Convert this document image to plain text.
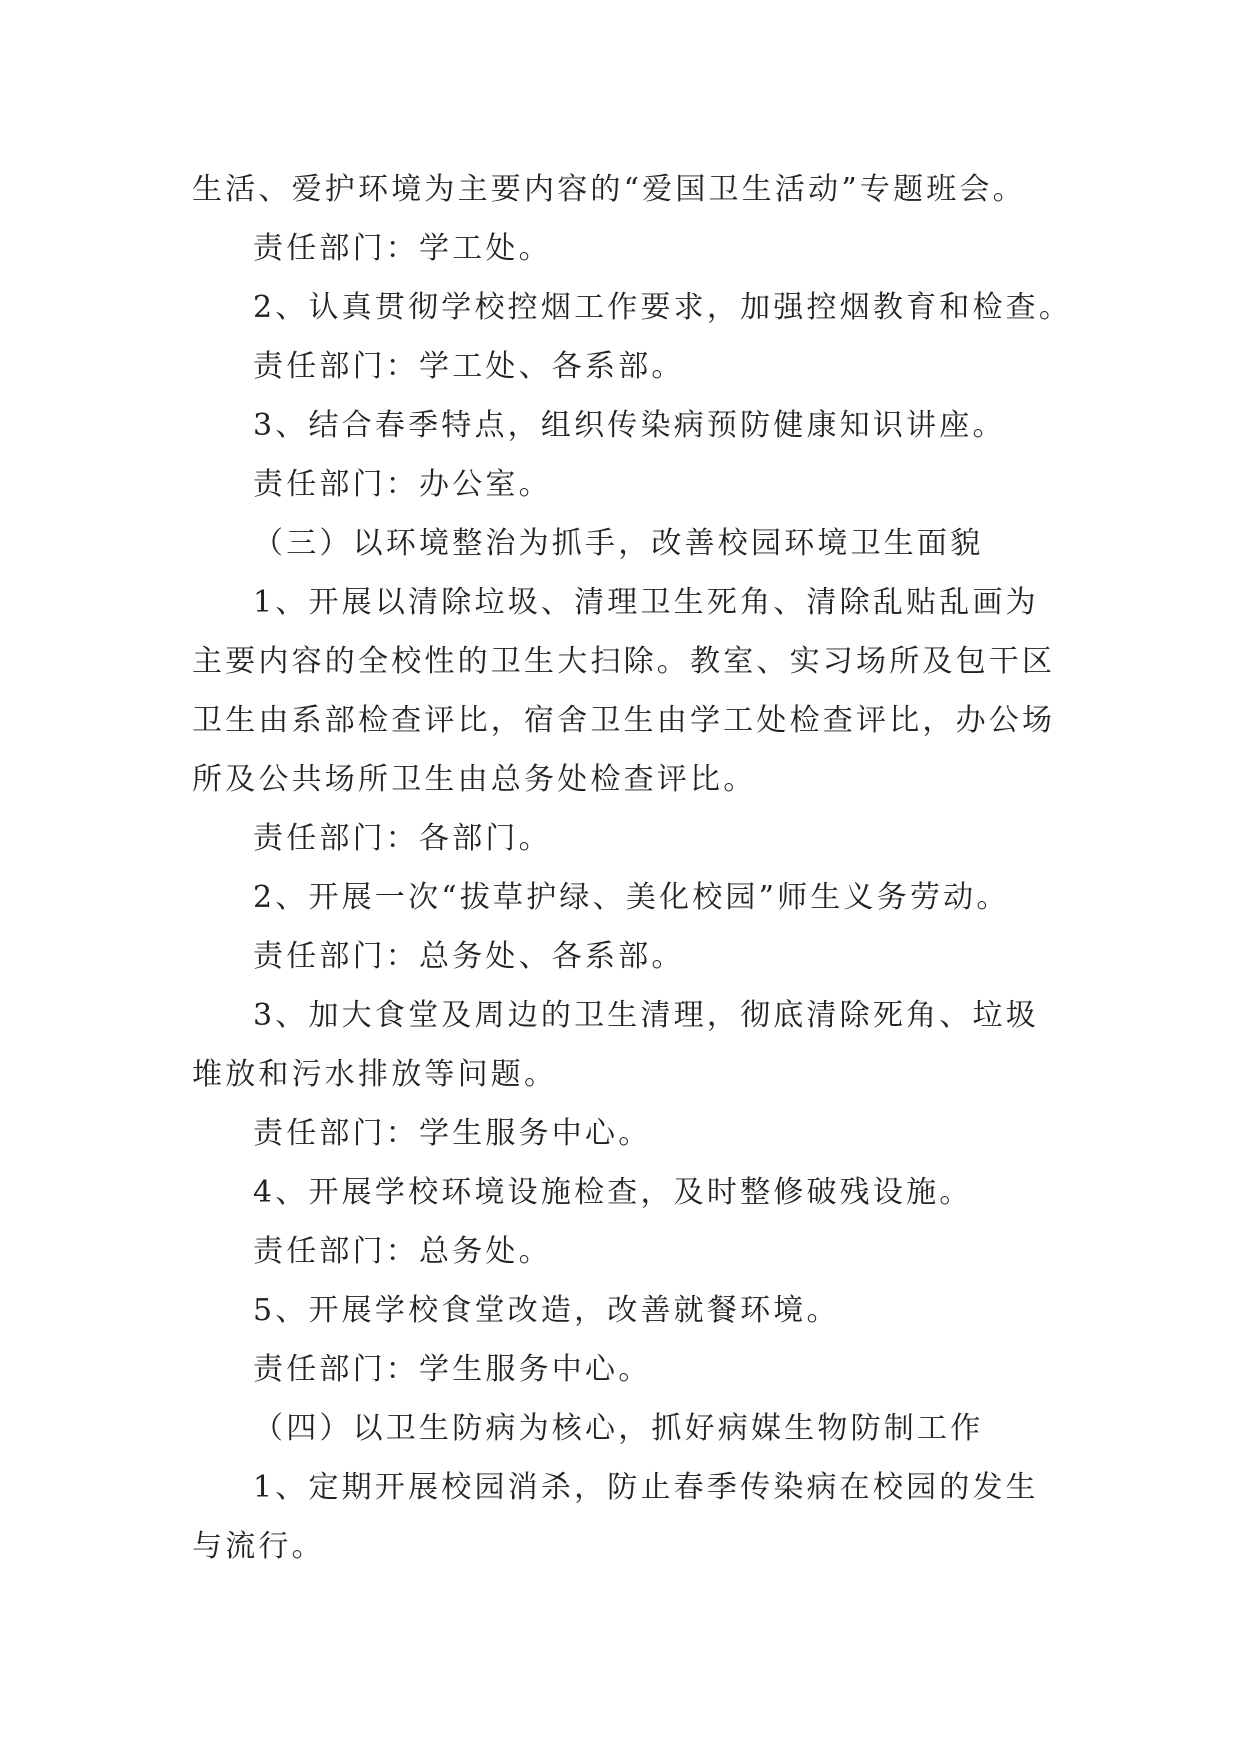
生活、爱护环境为主要内容的“爱国卫生活动”专题班会。
责任部门：学工处。
2、认真贯彻学校控烟工作要求，加强控烟教育和检查。
责任部门：学工处、各系部。
3、结合春季特点，组织传染病预防健康知识讲座。
责任部门：办公室。
（三）以环境整治为抓手，改善校园环境卫生面貌
1、开展以清除垃圾、清理卫生死角、清除乱贴乱画为
主要内容的全校性的卫生大扫除。教室、实习场所及包干区
卫生由系部检查评比，宿舍卫生由学工处检查评比，办公场
所及公共场所卫生由总务处检查评比。
责任部门：各部门。
2、开展一次“拔草护绿、美化校园”师生义务劳动。
责任部门：总务处、各系部。
3、加大食堂及周边的卫生清理，彻底清除死角、垃圾
堆放和污水排放等问题。
责任部门：学生服务中心。
4、开展学校环境设施检查，及时整修破残设施。
责任部门：总务处。
5、开展学校食堂改造，改善就餐环境。
责任部门：学生服务中心。
（四）以卫生防病为核心，抓好病媒生物防制工作
1、定期开展校园消杀，防止春季传染病在校园的发生
与流行。
